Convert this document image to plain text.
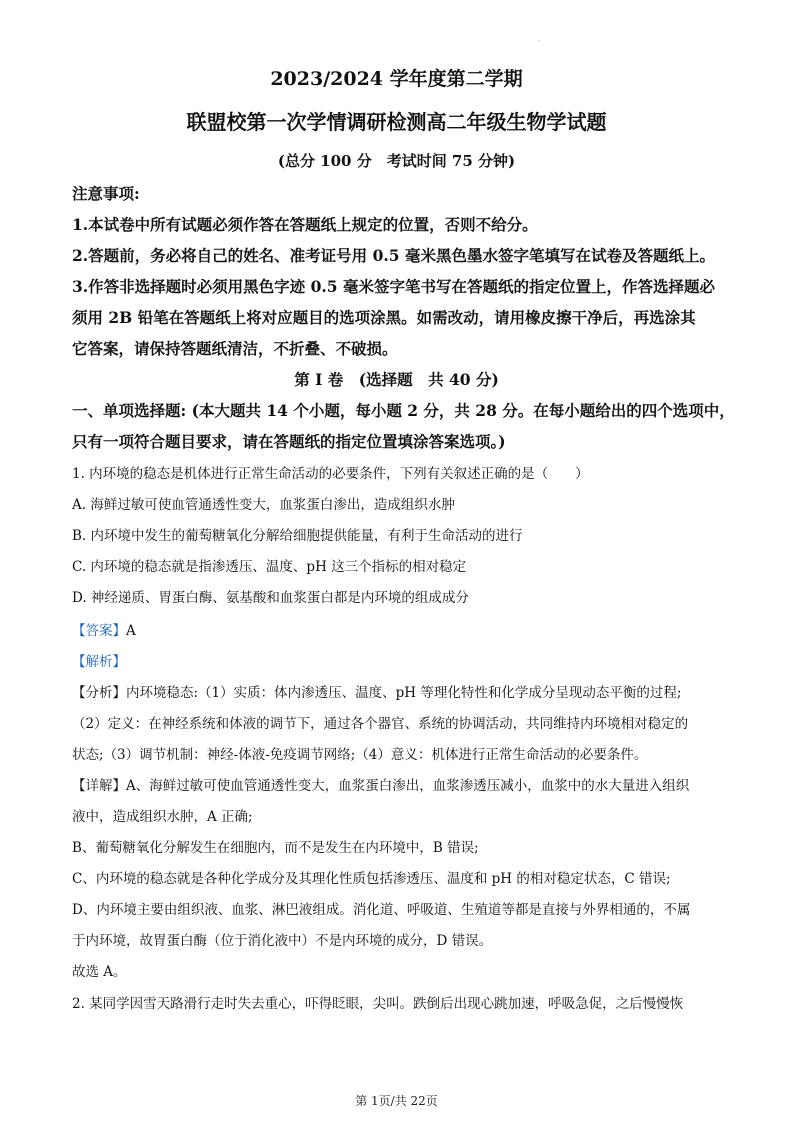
.
2023/2024 学年度第二学期
联盟校第一次学情调研检测高二年级生物学试题
(总分 100 分　考试时间 75 分钟)
注意事项:
1.本试卷中所有试题必须作答在答题纸上规定的位置，否则不给分。
2.答题前，务必将自己的姓名、准考证号用 0.5 毫米黑色墨水签字笔填写在试卷及答题纸上。
3.作答非选择题时必须用黑色字迹 0.5 毫米签字笔书写在答题纸的指定位置上，作答选择题必
须用 2B 铅笔在答题纸上将对应题目的选项涂黑。如需改动，请用橡皮擦干净后，再选涂其
它答案，请保持答题纸清洁，不折叠、不破损。
第 I 卷　(选择题　共 40 分)
一、单项选择题: (本大题共 14 个小题，每小题 2 分，共 28 分。在每小题给出的四个选项中，
只有一项符合题目要求，请在答题纸的指定位置填涂答案选项。)
1. 内环境的稳态是机体进行正常生命活动的必要条件，下列有关叙述正确的是（　　）
A. 海鲜过敏可使血管通透性变大，血浆蛋白渗出，造成组织水肿
B. 内环境中发生的葡萄糖氧化分解给细胞提供能量，有利于生命活动的进行
C. 内环境的稳态就是指渗透压、温度、pH 这三个指标的相对稳定
D. 神经递质、胃蛋白酶、氨基酸和血浆蛋白都是内环境的组成成分
【答案】A
【解析】
【分析】内环境稳态:（1）实质：体内渗透压、温度、pH 等理化特性和化学成分呈现动态平衡的过程;
（2）定义：在神经系统和体液的调节下，通过各个器官、系统的协调活动，共同维持内环境相对稳定的
状态;（3）调节机制：神经-体液-免疫调节网络;（4）意义：机体进行正常生命活动的必要条件。
【详解】A、海鲜过敏可使血管通透性变大，血浆蛋白渗出，血浆渗透压减小，血浆中的水大量进入组织
液中，造成组织水肿，A 正确;
B、葡萄糖氧化分解发生在细胞内，而不是发生在内环境中，B 错误;
C、内环境的稳态就是各种化学成分及其理化性质包括渗透压、温度和 pH 的相对稳定状态，C 错误;
D、内环境主要由组织液、血浆、淋巴液组成。消化道、呼吸道、生殖道等都是直接与外界相通的，不属
于内环境，故胃蛋白酶（位于消化液中）不是内环境的成分，D 错误。
故选 A。
2. 某同学因雪天路滑行走时失去重心，吓得眨眼，尖叫。跌倒后出现心跳加速，呼吸急促，之后慢慢恢
第 1页/共 22页
